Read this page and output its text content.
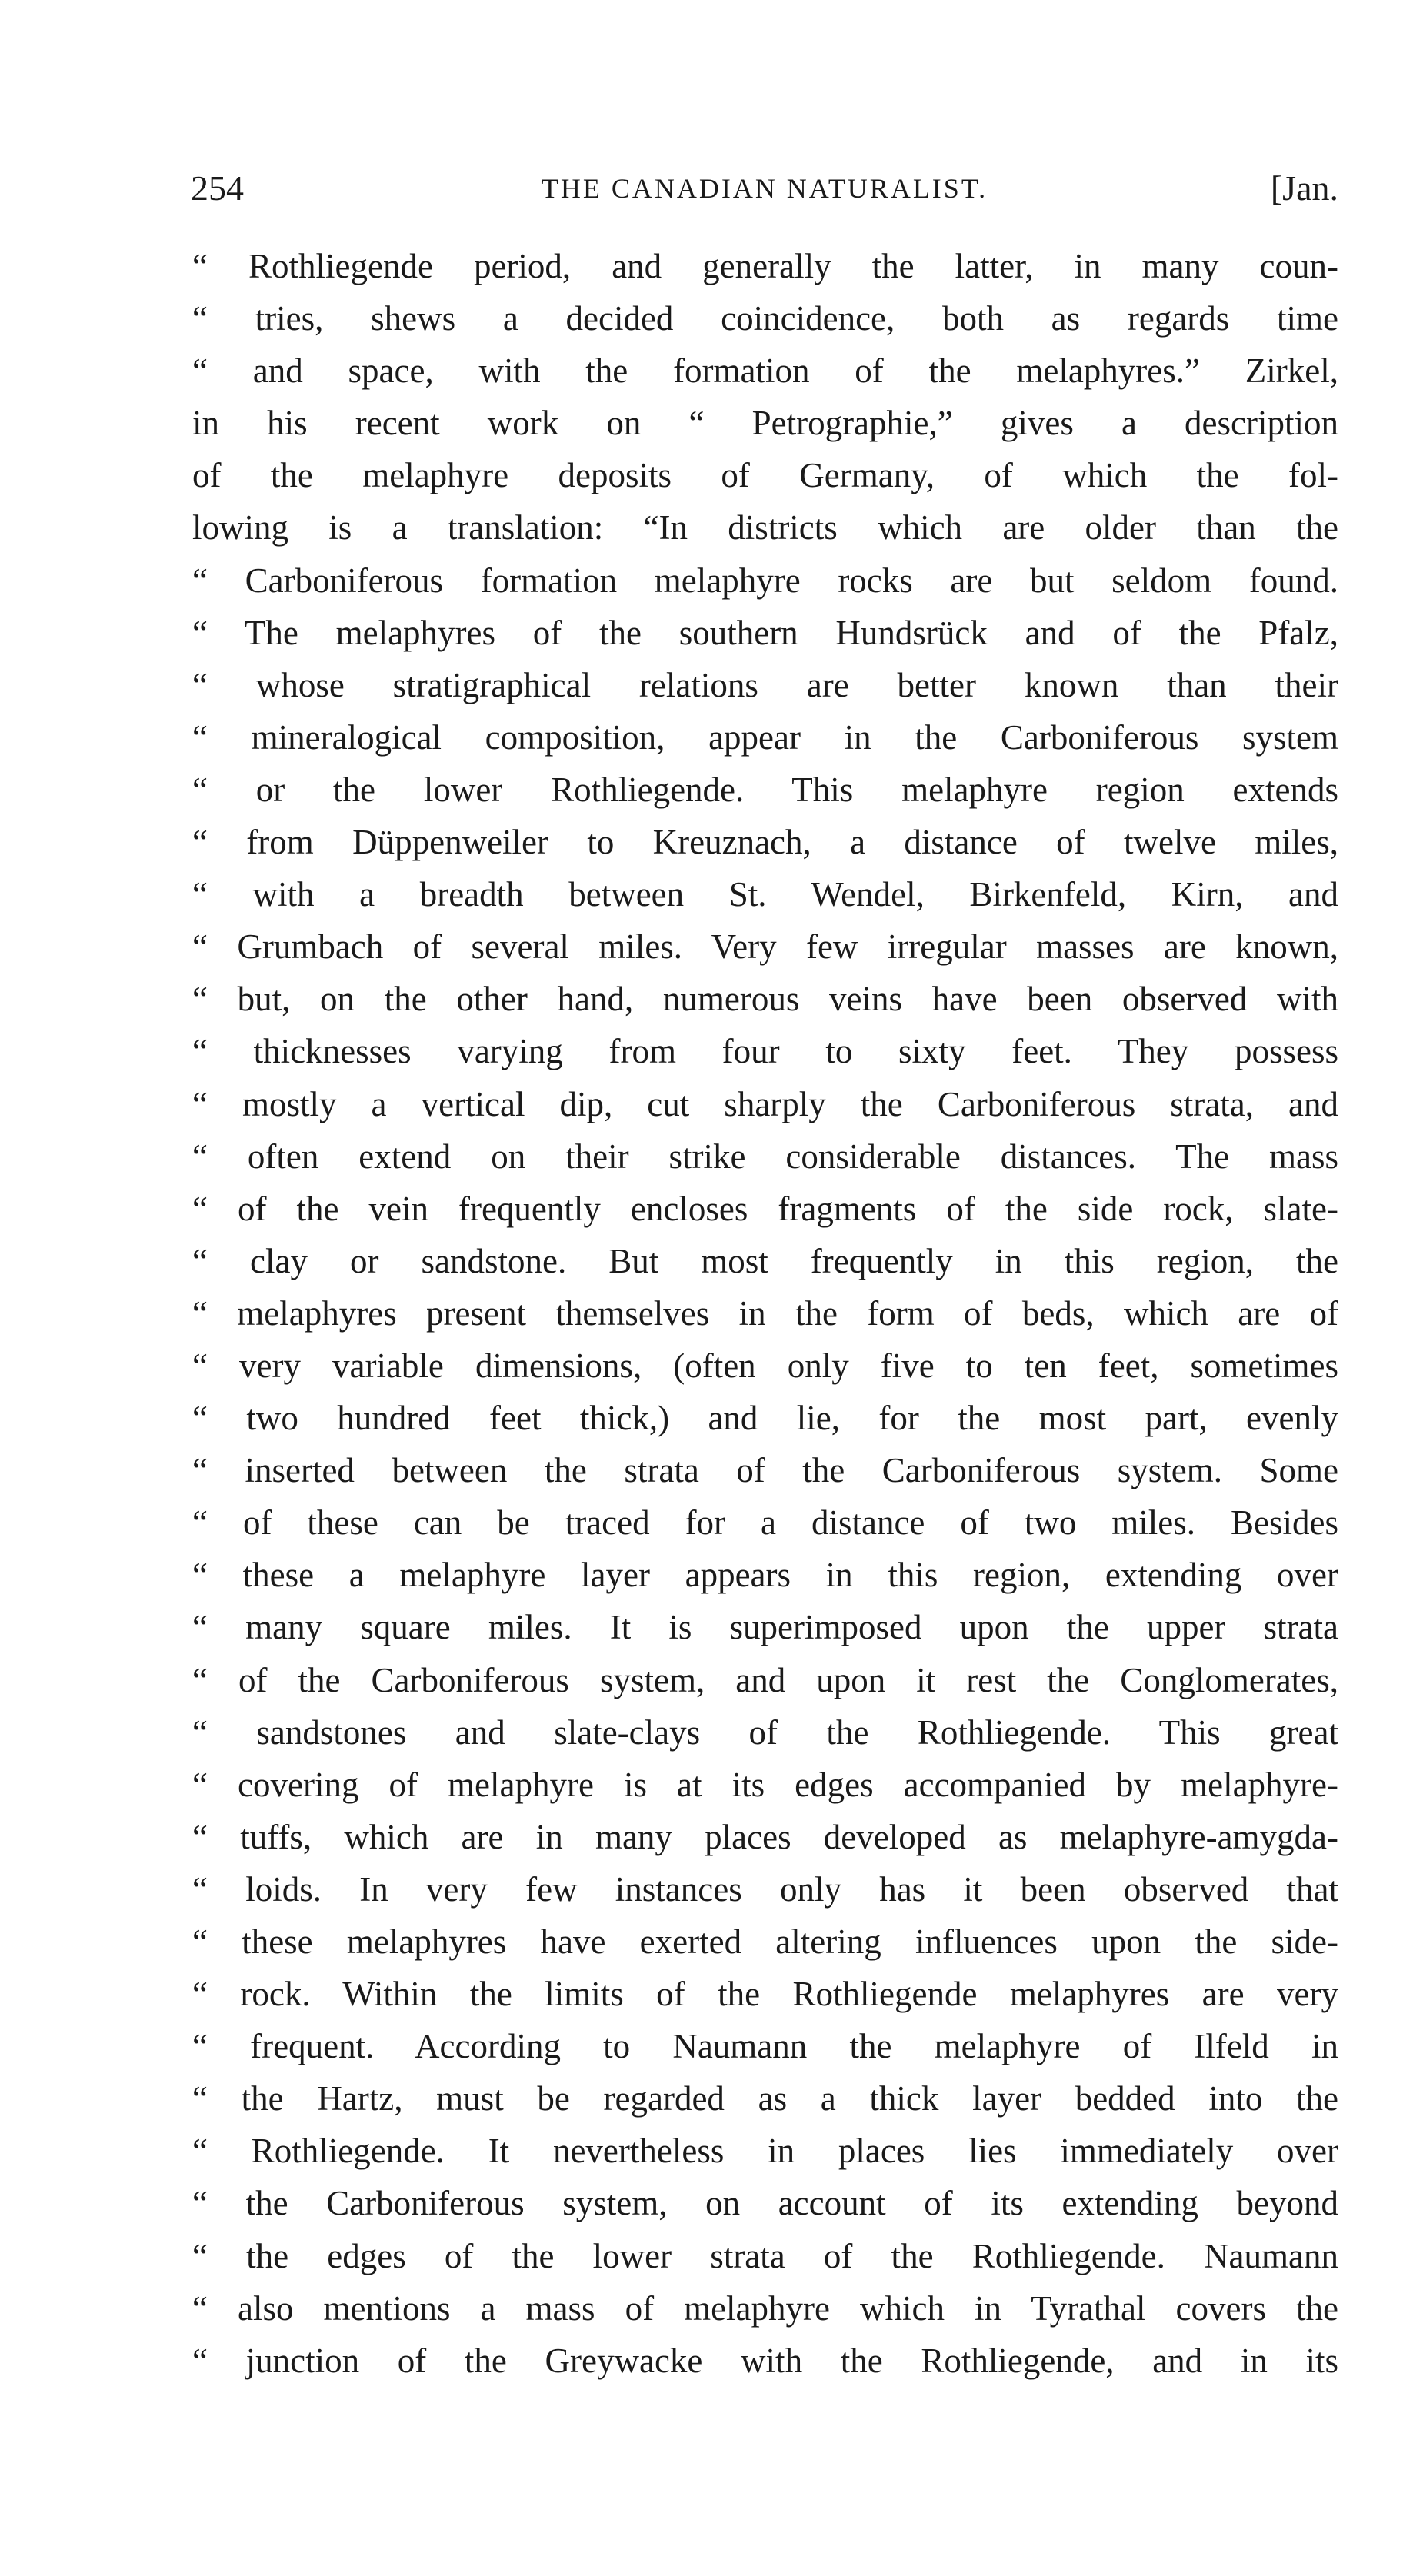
254	THE CANADIAN NATURALIST.	[Jan.
“ Rothliegende period, and generally the latter, in many coun-
“ tries, shews a decided coincidence, both as regards time
“ and space, with the formation of the melaphyres.” Zirkel,
in his recent work on “ Petrographie,” gives a description
of the melaphyre deposits of Germany, of which the fol-
lowing is a translation: “In districts which are older than the
“ Carboniferous formation melaphyre rocks are but seldom found.
“ The melaphyres of the southern Hundsrück and of the Pfalz,
“ whose stratigraphical relations are better known than their
“ mineralogical composition, appear in the Carboniferous system
“ or the lower Rothliegende. This melaphyre region extends
“ from Düppenweiler to Kreuznach, a distance of twelve miles,
“ with a breadth between St. Wendel, Birkenfeld, Kirn, and
“ Grumbach of several miles. Very few irregular masses are known,
“ but, on the other hand, numerous veins have been observed with
“ thicknesses varying from four to sixty feet. They possess
“ mostly a vertical dip, cut sharply the Carboniferous strata, and
“ often extend on their strike considerable distances. The mass
“ of the vein frequently encloses fragments of the side rock, slate-
“ clay or sandstone. But most frequently in this region, the
“ melaphyres present themselves in the form of beds, which are of
“ very variable dimensions, (often only five to ten feet, sometimes
“ two hundred feet thick,) and lie, for the most part, evenly
“ inserted between the strata of the Carboniferous system. Some
“ of these can be traced for a distance of two miles. Besides
“ these a melaphyre layer appears in this region, extending over
“ many square miles. It is superimposed upon the upper strata
“ of the Carboniferous system, and upon it rest the Conglomerates,
“ sandstones and slate-clays of the Rothliegende. This great
“ covering of melaphyre is at its edges accompanied by melaphyre-
“ tuffs, which are in many places developed as melaphyre-amygda-
“ loids. In very few instances only has it been observed that
“ these melaphyres have exerted altering influences upon the side-
“ rock. Within the limits of the Rothliegende melaphyres are very
“ frequent. According to Naumann the melaphyre of Ilfeld in
“ the Hartz, must be regarded as a thick layer bedded into the
“ Rothliegende. It nevertheless in places lies immediately over
“ the Carboniferous system, on account of its extending beyond
“ the edges of the lower strata of the Rothliegende. Naumann
“ also mentions a mass of melaphyre which in Tyrathal covers the
“ junction of the Greywacke with the Rothliegende, and in its
